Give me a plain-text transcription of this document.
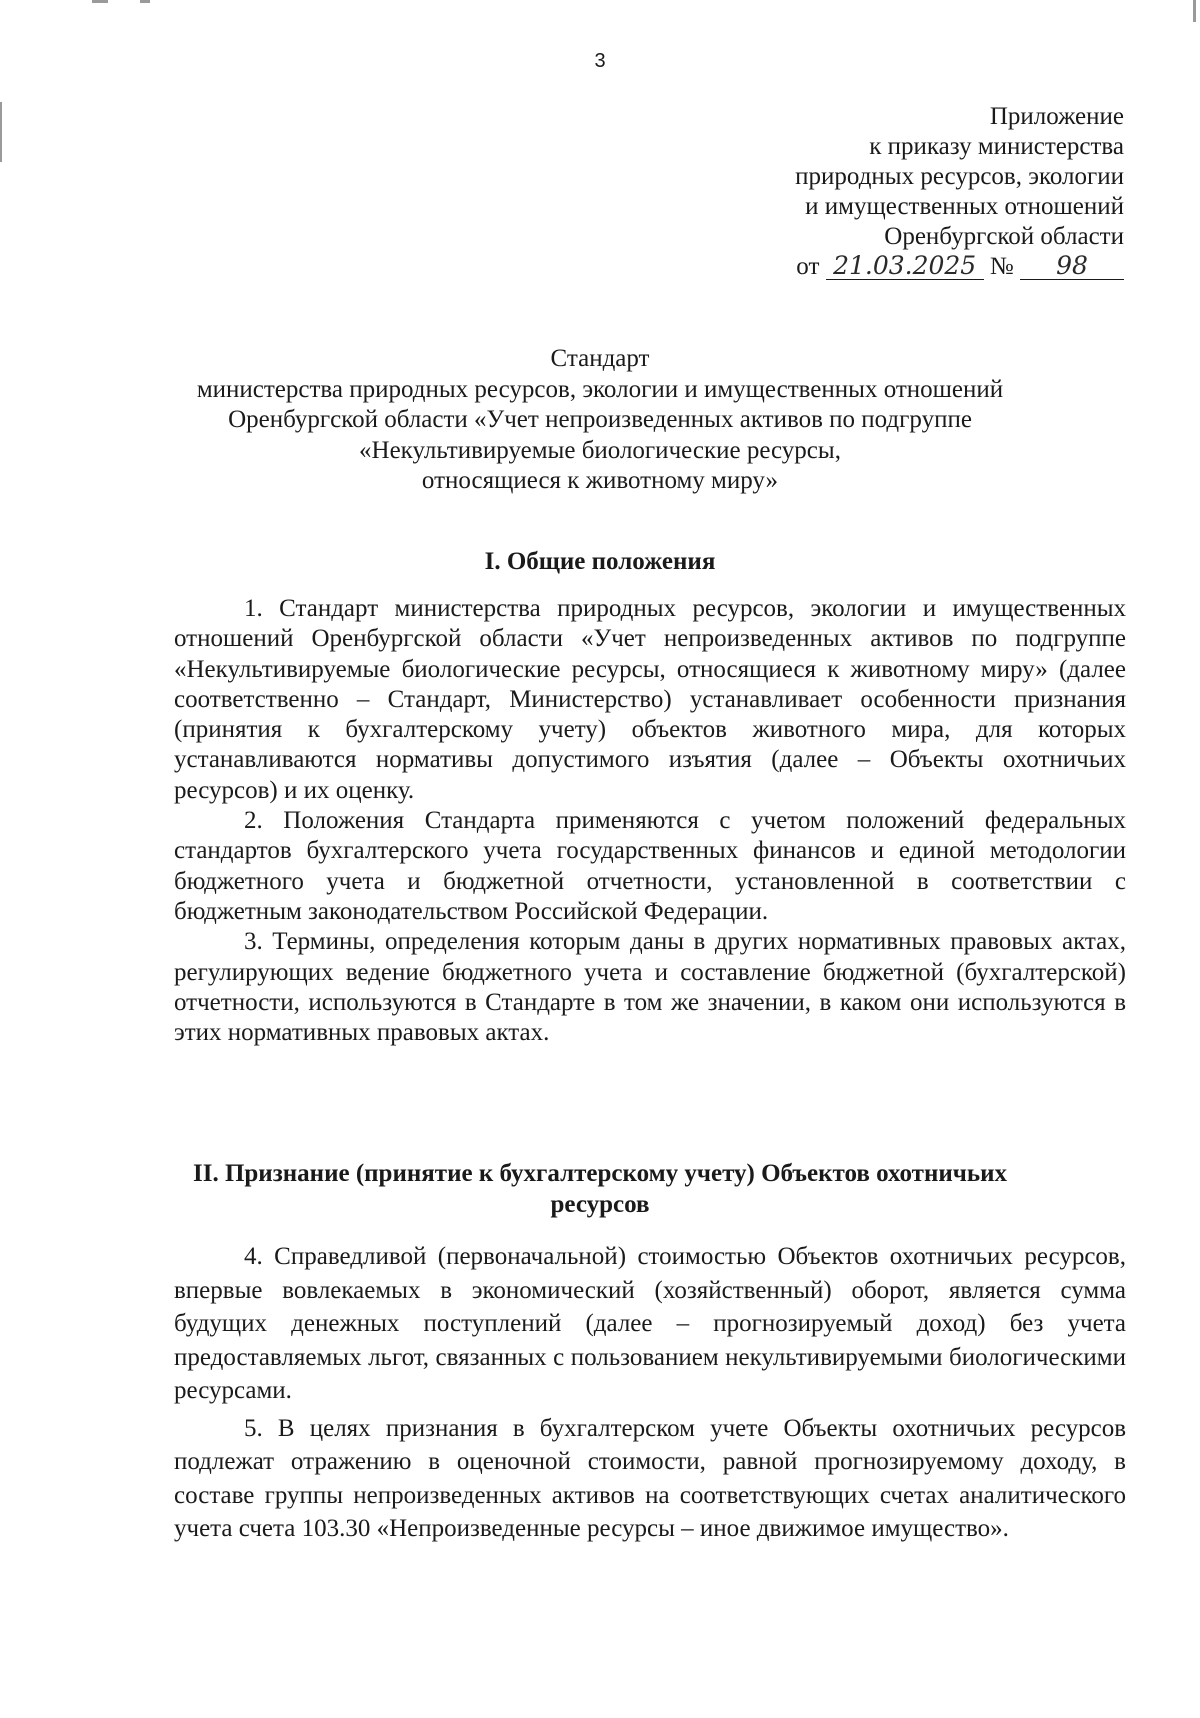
3
Приложение
к приказу министерства
природных ресурсов, экологии
и имущественных отношений
Оренбургской области
от 21.03.2025 № 98
Стандарт
министерства природных ресурсов, экологии и имущественных отношений
Оренбургской области «Учет непроизведенных активов по подгруппе
«Некультивируемые биологические ресурсы,
относящиеся к животному миру»
I. Общие положения

1. Стандарт министерства природных ресурсов, экологии и имущественных отношений Оренбургской области «Учет непроизведенных активов по подгруппе «Некультивируемые биологические ресурсы, относящиеся к животному миру» (далее соответственно – Стандарт, Министерство) устанавливает особенности признания (принятия к бухгалтерскому учету) объектов животного мира, для которых устанавливаются нормативы допустимого изъятия (далее – Объекты охотничьих ресурсов) и их оценку.

2. Положения Стандарта применяются с учетом положений федеральных стандартов бухгалтерского учета государственных финансов и единой методологии бюджетного учета и бюджетной отчетности, установленной в соответствии с бюджетным законодательством Российской Федерации.

3. Термины, определения которым даны в других нормативных правовых актах, регулирующих ведение бюджетного учета и составление бюджетной (бухгалтерской) отчетности, используются в Стандарте в том же значении, в каком они используются в этих нормативных правовых актах.

II. Признание (принятие к бухгалтерскому учету) Объектов охотничьих ресурсов

4. Справедливой (первоначальной) стоимостью Объектов охотничьих ресурсов, впервые вовлекаемых в экономический (хозяйственный) оборот, является сумма будущих денежных поступлений (далее – прогнозируемый доход) без учета предоставляемых льгот, связанных с пользованием некультивируемыми биологическими ресурсами.

5. В целях признания в бухгалтерском учете Объекты охотничьих ресурсов подлежат отражению в оценочной стоимости, равной прогнозируемому доходу, в составе группы непроизведенных активов на соответствующих счетах аналитического учета счета 103.30 «Непроизведенные ресурсы – иное движимое имущество».
